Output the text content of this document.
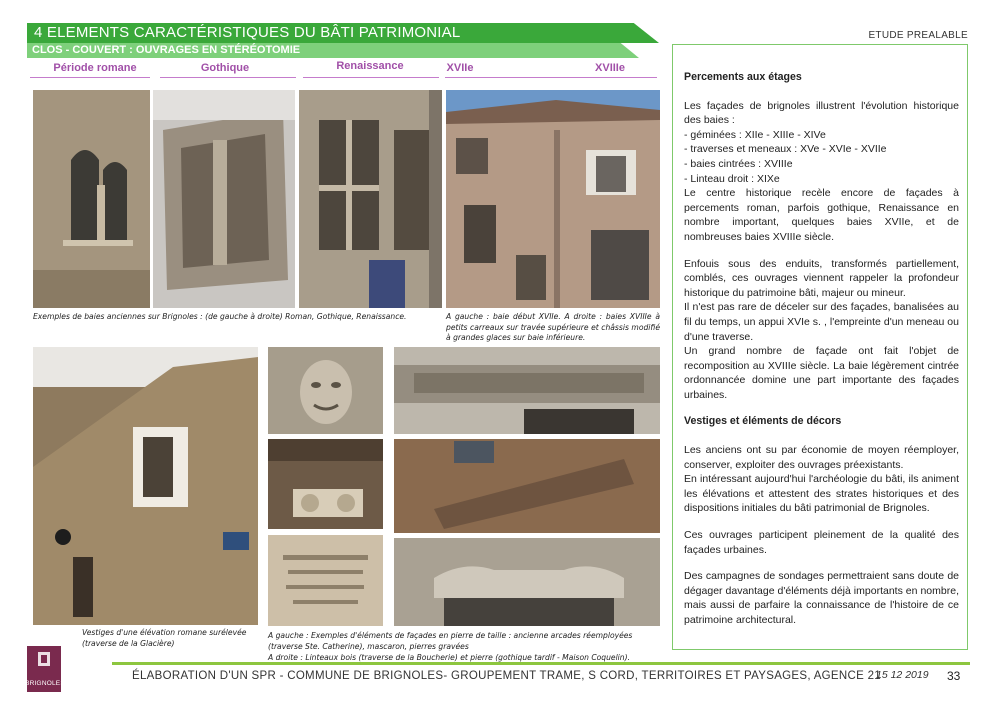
4 ELEMENTS CARACTÉRISTIQUES DU BÂTI PATRIMONIAL
CLOS - COUVERT : OUVRAGES EN STÉRÉOTOMIE
ETUDE PREALABLE
Période romane	Gothique	Renaissance	XVIIe	XVIIIe
Exemples de baies anciennes sur Brignoles : (de gauche à droite) Roman, Gothique, Renaissance.	A gauche : baie début XVIIe. A droite : baies XVIIIe à petits carreaux sur travée supérieure et châssis modifié à grandes glaces sur baie inférieure.
Vestiges d'une élévation romane surélevée (traverse de la Glacière)
A gauche : Exemples d'éléments de façades en pierre de taille : ancienne arcades réemployées (traverse Ste. Catherine), mascaron, pierres gravées
A droite : Linteaux bois (traverse de la Boucherie) et pierre (gothique tardif - Maison Coquelin).
Percements aux étages

Les façades de brignoles illustrent l'évolution historique des baies :

- géminées : XIIe - XIIIe - XIVe

- traverses et meneaux : XVe - XVIe - XVIIe

- baies cintrées : XVIIIe

- Linteau droit : XIXe

Le centre historique recèle encore de façades à percements roman, parfois gothique, Renaissance en nombre important, quelques baies XVIIe, et de nombreuses baies XVIIIe siècle.

Enfouis sous des enduits, transformés partiellement, comblés, ces ouvrages viennent rappeler la profondeur historique du patrimoine bâti, majeur ou mineur.

Il n'est pas rare de déceler sur des façades, banalisées au fil du temps, un appui XVIe s. , l'empreinte d'un meneau ou d'une traverse.

Un grand nombre de façade ont fait l'objet de recomposition au XVIIIe siècle. La baie légèrement cintrée ordonnancée domine une part importante des façades urbaines.

Vestiges et éléments de décors

Les anciens ont su par économie de moyen réemployer, conserver, exploiter des ouvrages préexistants.

En intéressant aujourd'hui l'archéologie du bâti, ils animent les élévations et attestent des strates historiques et des dispositions initiales du bâti patrimonial de Brignoles.

Ces ouvrages participent pleinement de la qualité des façades urbaines.

Des campagnes de sondages permettraient sans doute de dégager davantage d'éléments déjà importants en nombre, mais aussi de parfaire la connaissance de l'histoire de ce patrimoine architectural.

BRIGNOLES
ÉLABORATION D'UN SPR - COMMUNE DE BRIGNOLES- GROUPEMENT TRAME, S CORD, TERRITOIRES ET PAYSAGES, AGENCE 21
15 12 2019 33
